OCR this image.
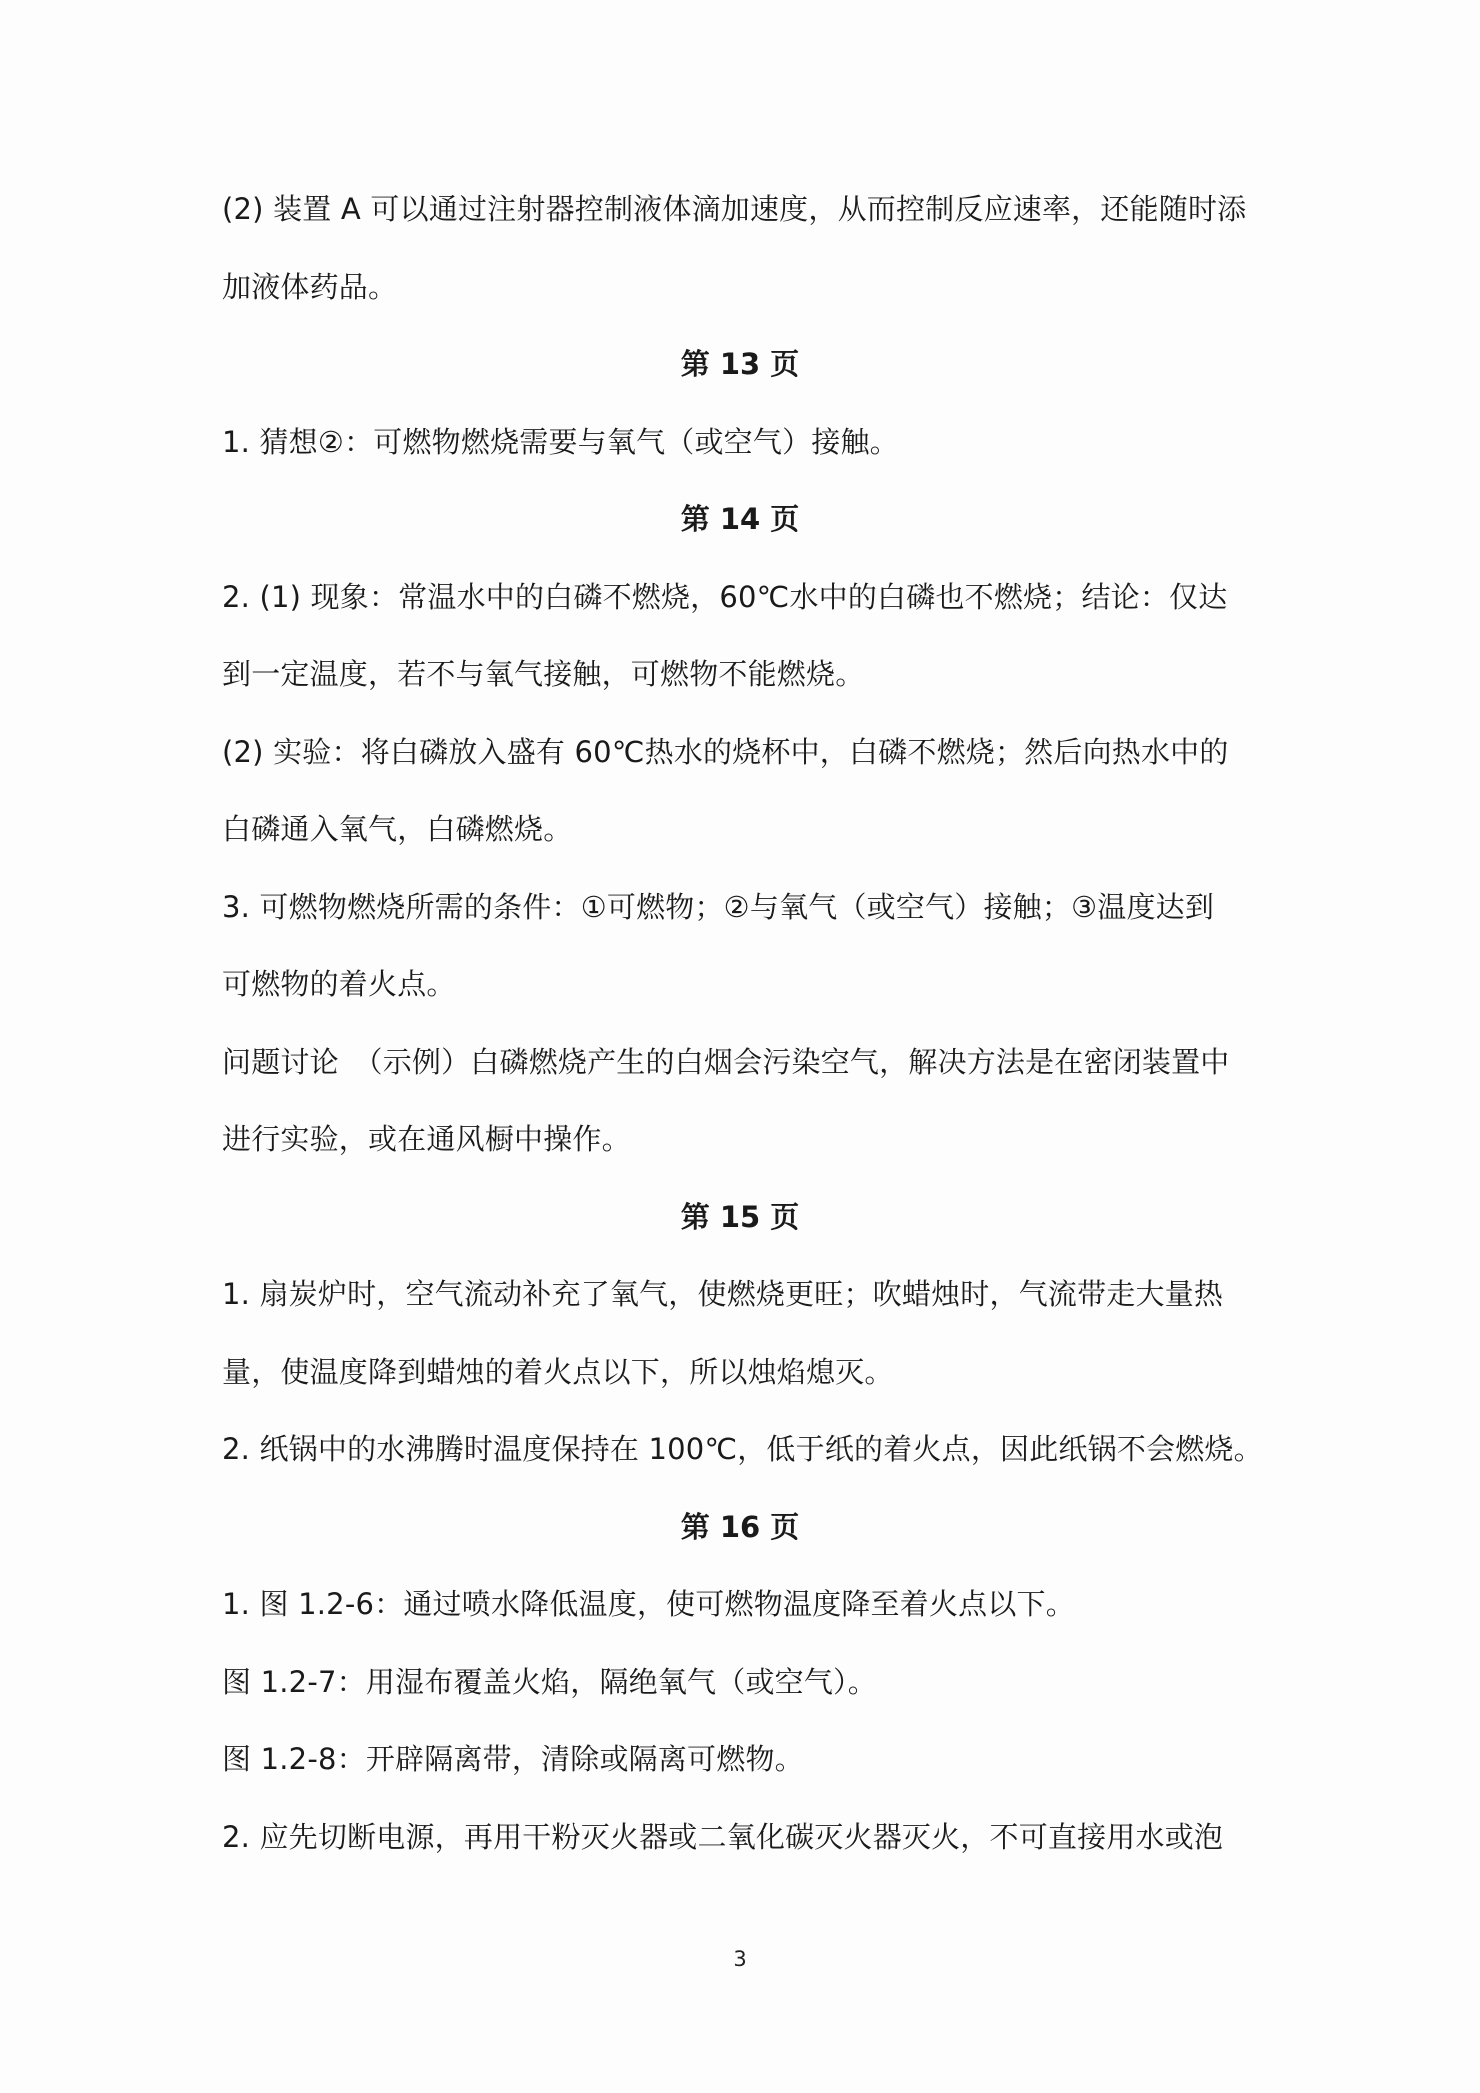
(2) 装置 A 可以通过注射器控制液体滴加速度，从而控制反应速率，还能随时添

加液体药品。

第 13 页

1. 猜想②：可燃物燃烧需要与氧气（或空气）接触。

第 14 页

2. (1) 现象：常温水中的白磷不燃烧，60℃水中的白磷也不燃烧；结论：仅达

到一定温度，若不与氧气接触，可燃物不能燃烧。

(2) 实验：将白磷放入盛有 60℃热水的烧杯中，白磷不燃烧；然后向热水中的

白磷通入氧气，白磷燃烧。

3. 可燃物燃烧所需的条件：①可燃物；②与氧气（或空气）接触；③温度达到

可燃物的着火点。

问题讨论　（示例）白磷燃烧产生的白烟会污染空气，解决方法是在密闭装置中

进行实验，或在通风橱中操作。

第 15 页

1. 扇炭炉时，空气流动补充了氧气，使燃烧更旺；吹蜡烛时，气流带走大量热

量，使温度降到蜡烛的着火点以下，所以烛焰熄灭。

2. 纸锅中的水沸腾时温度保持在 100℃，低于纸的着火点，因此纸锅不会燃烧。

第 16 页

1. 图 1.2-6：通过喷水降低温度，使可燃物温度降至着火点以下。

图 1.2-7：用湿布覆盖火焰，隔绝氧气（或空气）。

图 1.2-8：开辟隔离带，清除或隔离可燃物。

2. 应先切断电源，再用干粉灭火器或二氧化碳灭火器灭火，不可直接用水或泡

3
